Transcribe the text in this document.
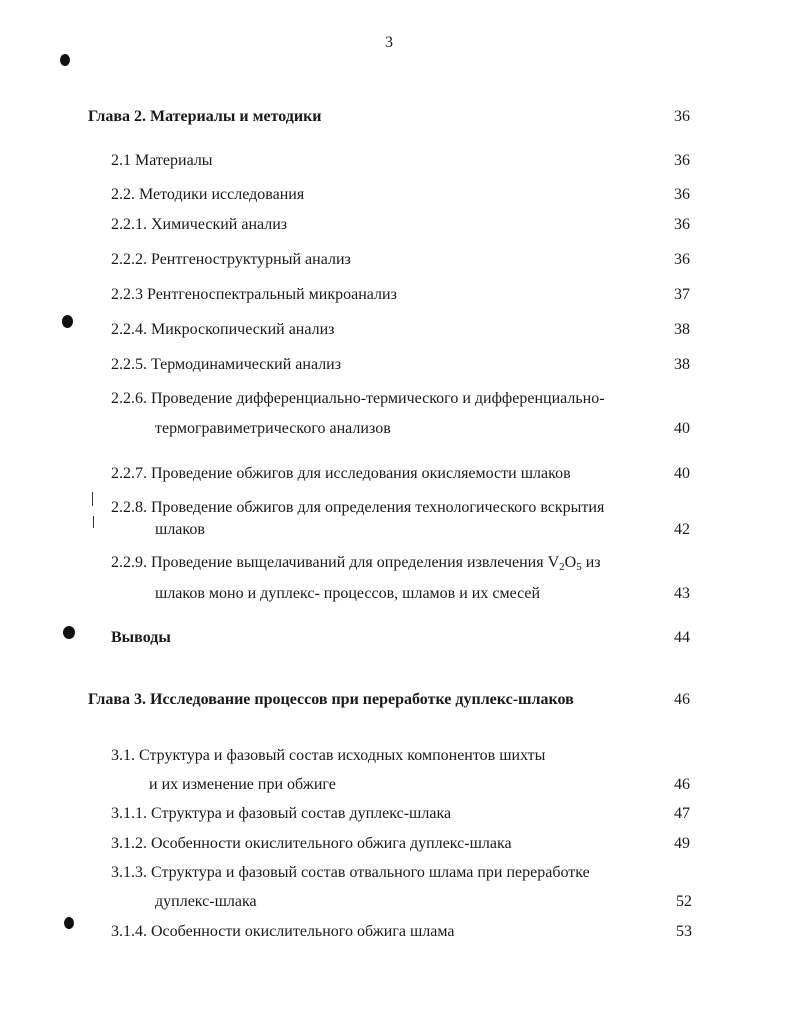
3
Глава 2. Материалы и методики	36
2.1 Материалы	36
2.2. Методики исследования	36
2.2.1. Химический анализ	36
2.2.2. Рентгеноструктурный анализ	36
2.2.3 Рентгеноспектральный микроанализ	37
2.2.4. Микроскопический анализ	38
2.2.5. Термодинамический анализ	38
2.2.6. Проведение дифференциально-термического и дифференциально-
термогравиметрического анализов	40
2.2.7. Проведение обжигов для исследования окисляемости шлаков	40
2.2.8. Проведение обжигов для определения технологического вскрытия
шлаков	42
2.2.9. Проведение выщелачиваний для определения извлечения $V_2O_5$ из
шлаков моно и дуплекс- процессов, шламов и их смесей	43
Выводы	44
Глава 3. Исследование процессов при переработке дуплекс-шлаков	46
3.1. Структура и фазовый состав исходных компонентов шихты
и их изменение при обжиге	46
3.1.1. Структура и фазовый состав дуплекс-шлака	47
3.1.2. Особенности окислительного обжига дуплекс-шлака	49
3.1.3. Структура и фазовый состав отвального шлама при переработке
дуплекс-шлака	52
3.1.4. Особенности окислительного обжига шлама	53
